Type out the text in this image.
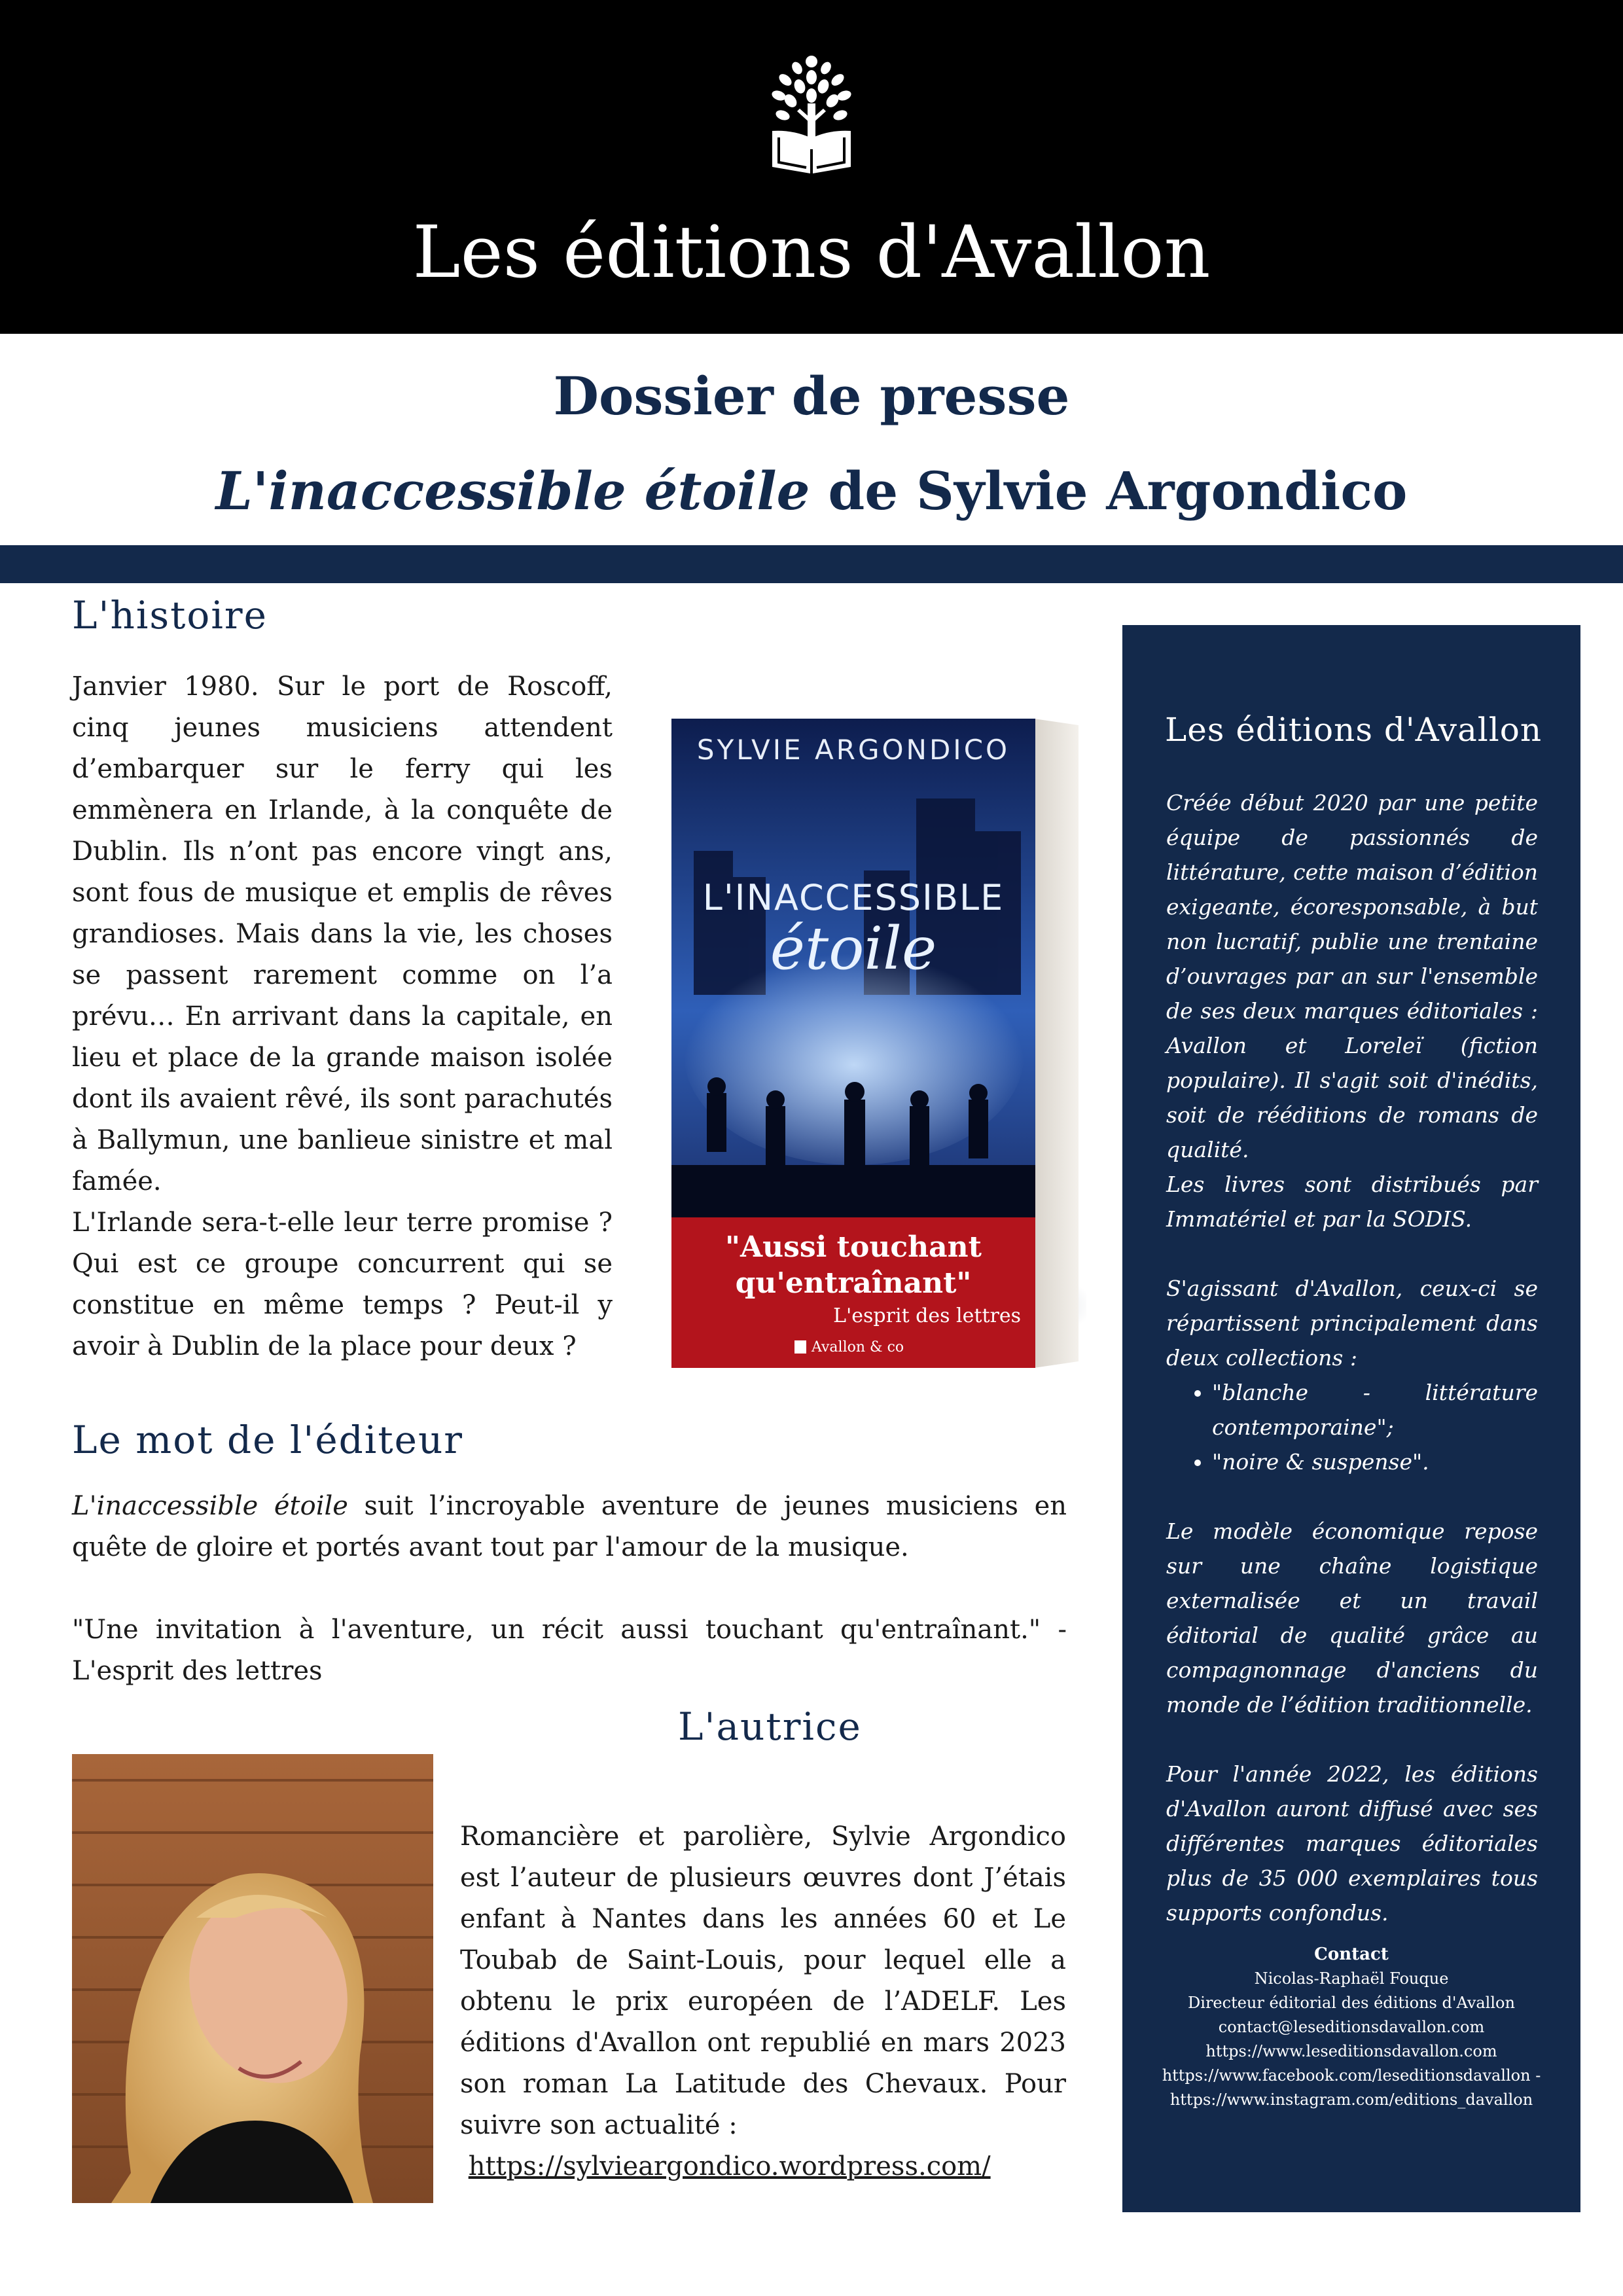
Les éditions d'Avallon
Dossier de presse
L'inaccessible étoile de Sylvie Argondico
L'histoire
Janvier 1980. Sur le port de Roscoff, cinq jeunes musiciens attendent d’embarquer sur le ferry qui les emmènera en Irlande, à la conquête de Dublin. Ils n’ont pas encore vingt ans, sont fous de musique et emplis de rêves grandioses. Mais dans la vie, les choses se passent rarement comme on l’a prévu… En arrivant dans la capitale, en lieu et place de la grande maison isolée dont ils avaient rêvé, ils sont parachutés à Ballymun, une banlieue sinistre et mal famée.
L'Irlande sera-t-elle leur terre promise ? Qui est ce groupe concurrent qui se constitue en même temps ? Peut-il y avoir à Dublin de la place pour deux ?
SYLVIE ARGONDICO
L'INACCESSIBLE
étoile
"Aussi touchant
qu'entraînant"
L'esprit des lettres
Avallon & co
Le mot de l'éditeur
L'inaccessible étoile suit l’incroyable aventure de jeunes musiciens en quête de gloire et portés avant tout par l'amour de la musique.
"Une invitation à l'aventure, un récit aussi touchant qu'entraînant." - L'esprit des lettres
L'autrice
Romancière et parolière, Sylvie Argondico est l’auteur de plusieurs œuvres dont J’étais enfant à Nantes dans les années 60 et Le Toubab de Saint-Louis, pour lequel elle a obtenu le prix européen de l’ADELF. Les éditions d'Avallon ont republié en mars 2023 son roman La Latitude des Chevaux. Pour suivre son actualité :
https://sylvieargondico.wordpress.com/
Les éditions d'Avallon

Créée début 2020 par une petite équipe de passionnés de littérature, cette maison d’édition exigeante, écoresponsable, à but non lucratif, publie une trentaine d’ouvrages par an sur l'ensemble de ses deux marques éditoriales : Avallon et Loreleï (fiction populaire). Il s'agit soit d'inédits, soit de rééditions de romans de qualité.

Les livres sont distribués par Immatériel et par la SODIS.

S'agissant d'Avallon, ceux-ci se répartissent principalement dans deux collections :

• "blanche - littérature contemporaine";
• "noire & suspense".

Le modèle économique repose sur une chaîne logistique externalisée et un travail éditorial de qualité grâce au compagnonnage d'anciens du monde de l’édition traditionnelle.

Pour l'année 2022, les éditions d'Avallon auront diffusé avec ses différentes marques éditoriales plus de 35 000 exemplaires tous supports confondus.

Contact
Nicolas-Raphaël Fouque
Directeur éditorial des éditions d'Avallon
contact@leseditionsdavallon.com
https://www.leseditionsdavallon.com
https://www.facebook.com/leseditionsdavallon -
https://www.instagram.com/editions_davallon
